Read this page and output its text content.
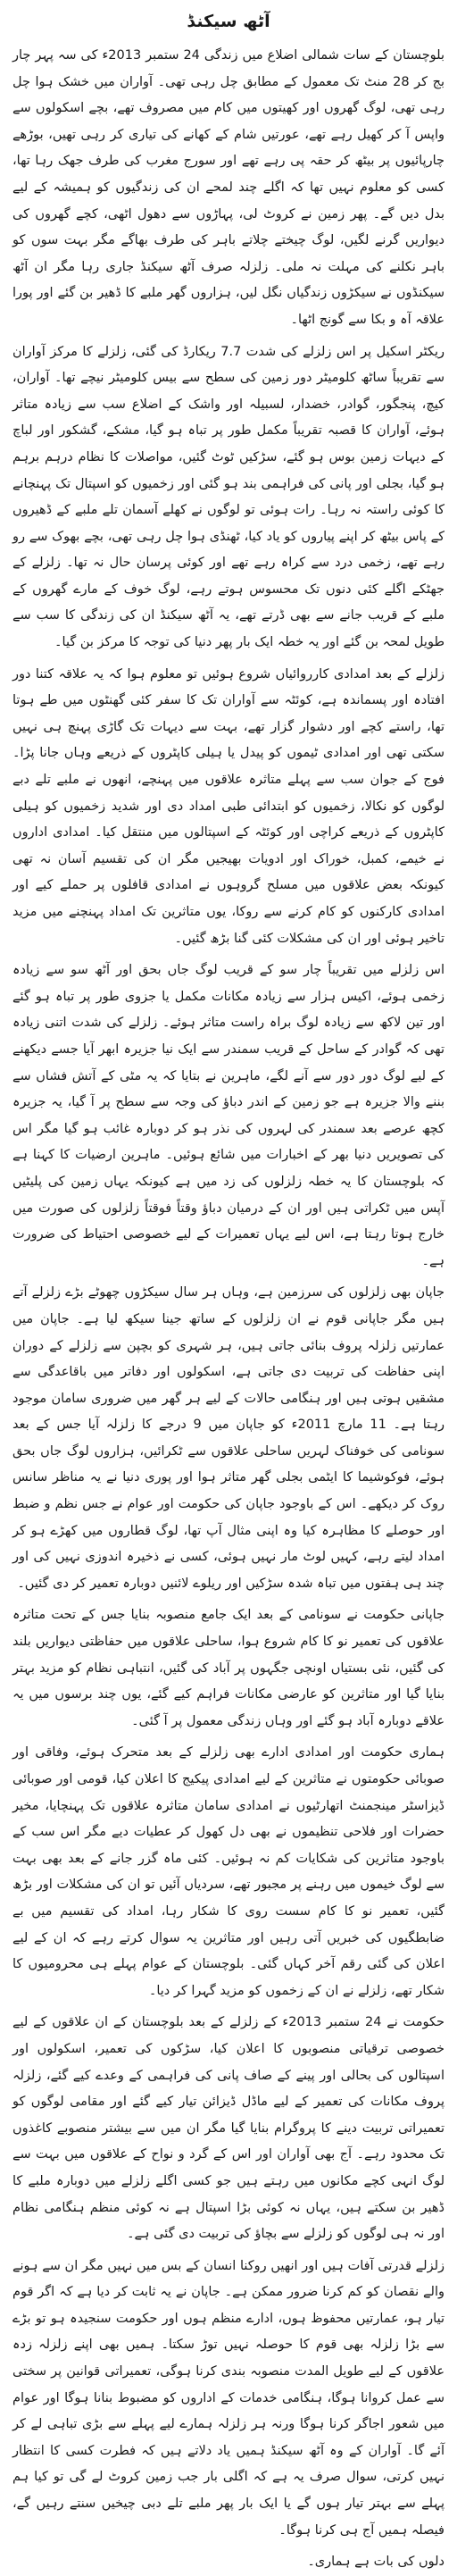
آٹھ سیکنڈ

بلوچستان کے سات شمالی اضلاع میں زندگی 24 ستمبر 2013ء کی سہ پہر چار بج کر 28 منٹ تک معمول کے مطابق چل رہی تھی۔ آواران میں خشک ہوا چل رہی تھی، لوگ گھروں اور کھیتوں میں کام میں مصروف تھے، بچے اسکولوں سے واپس آ کر کھیل رہے تھے، عورتیں شام کے کھانے کی تیاری کر رہی تھیں، بوڑھے چارپائیوں پر بیٹھ کر حقہ پی رہے تھے اور سورج مغرب کی طرف جھک رہا تھا، کسی کو معلوم نہیں تھا کہ اگلے چند لمحے ان کی زندگیوں کو ہمیشہ کے لیے بدل دیں گے۔ پھر زمین نے کروٹ لی، پہاڑوں سے دھول اٹھی، کچے گھروں کی دیواریں گرنے لگیں، لوگ چیختے چلاتے باہر کی طرف بھاگے مگر بہت سوں کو باہر نکلنے کی مہلت نہ ملی۔ زلزلہ صرف آٹھ سیکنڈ جاری رہا مگر ان آٹھ سیکنڈوں نے سیکڑوں زندگیاں نگل لیں، ہزاروں گھر ملبے کا ڈھیر بن گئے اور پورا علاقہ آہ و بکا سے گونج اٹھا۔

ریکٹر اسکیل پر اس زلزلے کی شدت 7.7 ریکارڈ کی گئی، زلزلے کا مرکز آواران سے تقریباً ساٹھ کلومیٹر دور زمین کی سطح سے بیس کلومیٹر نیچے تھا۔ آواران، کیچ، پنجگور، گوادر، خضدار، لسبیلہ اور واشک کے اضلاع سب سے زیادہ متاثر ہوئے، آواران کا قصبہ تقریباً مکمل طور پر تباہ ہو گیا، مشکے، گشکور اور لباچ کے دیہات زمین بوس ہو گئے، سڑکیں ٹوٹ گئیں، مواصلات کا نظام درہم برہم ہو گیا، بجلی اور پانی کی فراہمی بند ہو گئی اور زخمیوں کو اسپتال تک پہنچانے کا کوئی راستہ نہ رہا۔ رات ہوئی تو لوگوں نے کھلے آسمان تلے ملبے کے ڈھیروں کے پاس بیٹھ کر اپنے پیاروں کو یاد کیا، ٹھنڈی ہوا چل رہی تھی، بچے بھوک سے رو رہے تھے، زخمی درد سے کراہ رہے تھے اور کوئی پرسان حال نہ تھا۔ زلزلے کے جھٹکے اگلے کئی دنوں تک محسوس ہوتے رہے، لوگ خوف کے مارے گھروں کے ملبے کے قریب جانے سے بھی ڈرتے تھے، یہ آٹھ سیکنڈ ان کی زندگی کا سب سے طویل لمحہ بن گئے اور یہ خطہ ایک بار پھر دنیا کی توجہ کا مرکز بن گیا۔

زلزلے کے بعد امدادی کارروائیاں شروع ہوئیں تو معلوم ہوا کہ یہ علاقہ کتنا دور افتادہ اور پسماندہ ہے، کوئٹہ سے آواران تک کا سفر کئی گھنٹوں میں طے ہوتا تھا، راستے کچے اور دشوار گزار تھے، بہت سے دیہات تک گاڑی پہنچ ہی نہیں سکتی تھی اور امدادی ٹیموں کو پیدل یا ہیلی کاپٹروں کے ذریعے وہاں جانا پڑا۔ فوج کے جوان سب سے پہلے متاثرہ علاقوں میں پہنچے، انھوں نے ملبے تلے دبے لوگوں کو نکالا، زخمیوں کو ابتدائی طبی امداد دی اور شدید زخمیوں کو ہیلی کاپٹروں کے ذریعے کراچی اور کوئٹہ کے اسپتالوں میں منتقل کیا۔ امدادی اداروں نے خیمے، کمبل، خوراک اور ادویات بھیجیں مگر ان کی تقسیم آسان نہ تھی کیونکہ بعض علاقوں میں مسلح گروہوں نے امدادی قافلوں پر حملے کیے اور امدادی کارکنوں کو کام کرنے سے روکا، یوں متاثرین تک امداد پہنچنے میں مزید تاخیر ہوئی اور ان کی مشکلات کئی گنا بڑھ گئیں۔

اس زلزلے میں تقریباً چار سو کے قریب لوگ جاں بحق اور آٹھ سو سے زیادہ زخمی ہوئے، اکیس ہزار سے زیادہ مکانات مکمل یا جزوی طور پر تباہ ہو گئے اور تین لاکھ سے زیادہ لوگ براہ راست متاثر ہوئے۔ زلزلے کی شدت اتنی زیادہ تھی کہ گوادر کے ساحل کے قریب سمندر سے ایک نیا جزیرہ ابھر آیا جسے دیکھنے کے لیے لوگ دور دور سے آنے لگے، ماہرین نے بتایا کہ یہ مٹی کے آتش فشاں سے بننے والا جزیرہ ہے جو زمین کے اندر دباؤ کی وجہ سے سطح پر آ گیا، یہ جزیرہ کچھ عرصے بعد سمندر کی لہروں کی نذر ہو کر دوبارہ غائب ہو گیا مگر اس کی تصویریں دنیا بھر کے اخبارات میں شائع ہوئیں۔ ماہرین ارضیات کا کہنا ہے کہ بلوچستان کا یہ خطہ زلزلوں کی زد میں ہے کیونکہ یہاں زمین کی پلیٹیں آپس میں ٹکراتی ہیں اور ان کے درمیان دباؤ وقتاً فوقتاً زلزلوں کی صورت میں خارج ہوتا رہتا ہے، اس لیے یہاں تعمیرات کے لیے خصوصی احتیاط کی ضرورت ہے۔

جاپان بھی زلزلوں کی سرزمین ہے، وہاں ہر سال سیکڑوں چھوٹے بڑے زلزلے آتے ہیں مگر جاپانی قوم نے ان زلزلوں کے ساتھ جینا سیکھ لیا ہے۔ جاپان میں عمارتیں زلزلہ پروف بنائی جاتی ہیں، ہر شہری کو بچپن سے زلزلے کے دوران اپنی حفاظت کی تربیت دی جاتی ہے، اسکولوں اور دفاتر میں باقاعدگی سے مشقیں ہوتی ہیں اور ہنگامی حالات کے لیے ہر گھر میں ضروری سامان موجود رہتا ہے۔ 11 مارچ 2011ء کو جاپان میں 9 درجے کا زلزلہ آیا جس کے بعد سونامی کی خوفناک لہریں ساحلی علاقوں سے ٹکرائیں، ہزاروں لوگ جاں بحق ہوئے، فوکوشیما کا ایٹمی بجلی گھر متاثر ہوا اور پوری دنیا نے یہ مناظر سانس روک کر دیکھے۔ اس کے باوجود جاپان کی حکومت اور عوام نے جس نظم و ضبط اور حوصلے کا مظاہرہ کیا وہ اپنی مثال آپ تھا، لوگ قطاروں میں کھڑے ہو کر امداد لیتے رہے، کہیں لوٹ مار نہیں ہوئی، کسی نے ذخیرہ اندوزی نہیں کی اور چند ہی ہفتوں میں تباہ شدہ سڑکیں اور ریلوے لائنیں دوبارہ تعمیر کر دی گئیں۔

جاپانی حکومت نے سونامی کے بعد ایک جامع منصوبہ بنایا جس کے تحت متاثرہ علاقوں کی تعمیر نو کا کام شروع ہوا، ساحلی علاقوں میں حفاظتی دیواریں بلند کی گئیں، نئی بستیاں اونچی جگہوں پر آباد کی گئیں، انتباہی نظام کو مزید بہتر بنایا گیا اور متاثرین کو عارضی مکانات فراہم کیے گئے، یوں چند برسوں میں یہ علاقے دوبارہ آباد ہو گئے اور وہاں زندگی معمول پر آ گئی۔

ہماری حکومت اور امدادی ادارے بھی زلزلے کے بعد متحرک ہوئے، وفاقی اور صوبائی حکومتوں نے متاثرین کے لیے امدادی پیکیج کا اعلان کیا، قومی اور صوبائی ڈیزاسٹر مینجمنٹ اتھارٹیوں نے امدادی سامان متاثرہ علاقوں تک پہنچایا، مخیر حضرات اور فلاحی تنظیموں نے بھی دل کھول کر عطیات دیے مگر اس سب کے باوجود متاثرین کی شکایات کم نہ ہوئیں۔ کئی ماہ گزر جانے کے بعد بھی بہت سے لوگ خیموں میں رہنے پر مجبور تھے، سردیاں آئیں تو ان کی مشکلات اور بڑھ گئیں، تعمیر نو کا کام سست روی کا شکار رہا، امداد کی تقسیم میں بے ضابطگیوں کی خبریں آتی رہیں اور متاثرین یہ سوال کرتے رہے کہ ان کے لیے اعلان کی گئی رقم آخر کہاں گئی۔ بلوچستان کے عوام پہلے ہی محرومیوں کا شکار تھے، زلزلے نے ان کے زخموں کو مزید گہرا کر دیا۔

حکومت نے 24 ستمبر 2013ء کے زلزلے کے بعد بلوچستان کے ان علاقوں کے لیے خصوصی ترقیاتی منصوبوں کا اعلان کیا، سڑکوں کی تعمیر، اسکولوں اور اسپتالوں کی بحالی اور پینے کے صاف پانی کی فراہمی کے وعدے کیے گئے، زلزلہ پروف مکانات کی تعمیر کے لیے ماڈل ڈیزائن تیار کیے گئے اور مقامی لوگوں کو تعمیراتی تربیت دینے کا پروگرام بنایا گیا مگر ان میں سے بیشتر منصوبے کاغذوں تک محدود رہے۔ آج بھی آواران اور اس کے گرد و نواح کے علاقوں میں بہت سے لوگ انہی کچے مکانوں میں رہتے ہیں جو کسی اگلے زلزلے میں دوبارہ ملبے کا ڈھیر بن سکتے ہیں، یہاں نہ کوئی بڑا اسپتال ہے نہ کوئی منظم ہنگامی نظام اور نہ ہی لوگوں کو زلزلے سے بچاؤ کی تربیت دی گئی ہے۔

زلزلے قدرتی آفات ہیں اور انھیں روکنا انسان کے بس میں نہیں مگر ان سے ہونے والے نقصان کو کم کرنا ضرور ممکن ہے۔ جاپان نے یہ ثابت کر دیا ہے کہ اگر قوم تیار ہو، عمارتیں محفوظ ہوں، ادارے منظم ہوں اور حکومت سنجیدہ ہو تو بڑے سے بڑا زلزلہ بھی قوم کا حوصلہ نہیں توڑ سکتا۔ ہمیں بھی اپنے زلزلہ زدہ علاقوں کے لیے طویل المدت منصوبہ بندی کرنا ہوگی، تعمیراتی قوانین پر سختی سے عمل کروانا ہوگا، ہنگامی خدمات کے اداروں کو مضبوط بنانا ہوگا اور عوام میں شعور اجاگر کرنا ہوگا ورنہ ہر زلزلہ ہمارے لیے پہلے سے بڑی تباہی لے کر آئے گا۔ آواران کے وہ آٹھ سیکنڈ ہمیں یاد دلاتے ہیں کہ فطرت کسی کا انتظار نہیں کرتی، سوال صرف یہ ہے کہ اگلی بار جب زمین کروٹ لے گی تو کیا ہم پہلے سے بہتر تیار ہوں گے یا ایک بار پھر ملبے تلے دبی چیخیں سنتے رہیں گے، فیصلہ ہمیں آج ہی کرنا ہوگا۔

دلوں کی بات ہے ہماری۔
